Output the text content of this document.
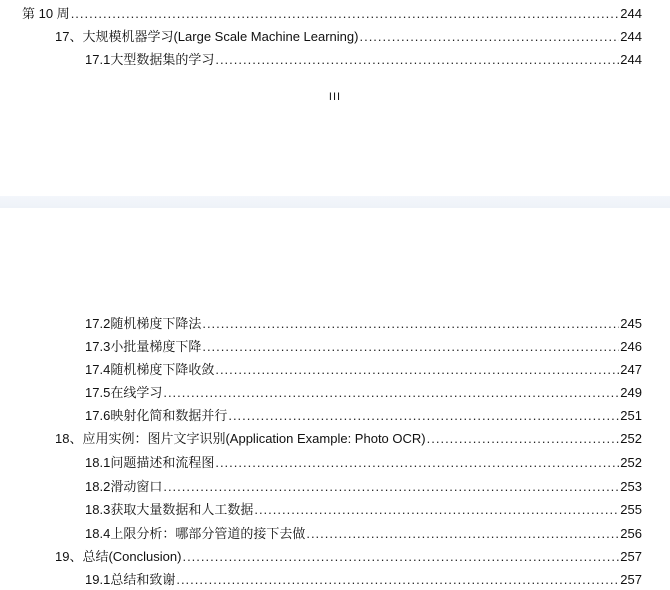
第 10 周 .....	244
17、 大规模机器学习(Large Scale Machine Learning) .....	244
17.1 大型数据集的学习 .....	244
III
17.2 随机梯度下降法 .....	245
17.3 小批量梯度下降 .....	246
17.4 随机梯度下降收敛 .....	247
17.5 在线学习 .....	249
17.6 映射化简和数据并行 .....	251
18、 应用实例：图片文字识别(Application Example: Photo OCR) .....	252
18.1 问题描述和流程图 .....	252
18.2 滑动窗口 .....	253
18.3 获取大量数据和人工数据 .....	255
18.4 上限分析：哪部分管道的接下去做 .....	256
19、 总结(Conclusion) .....	257
19.1 总结和致谢 .....	257
